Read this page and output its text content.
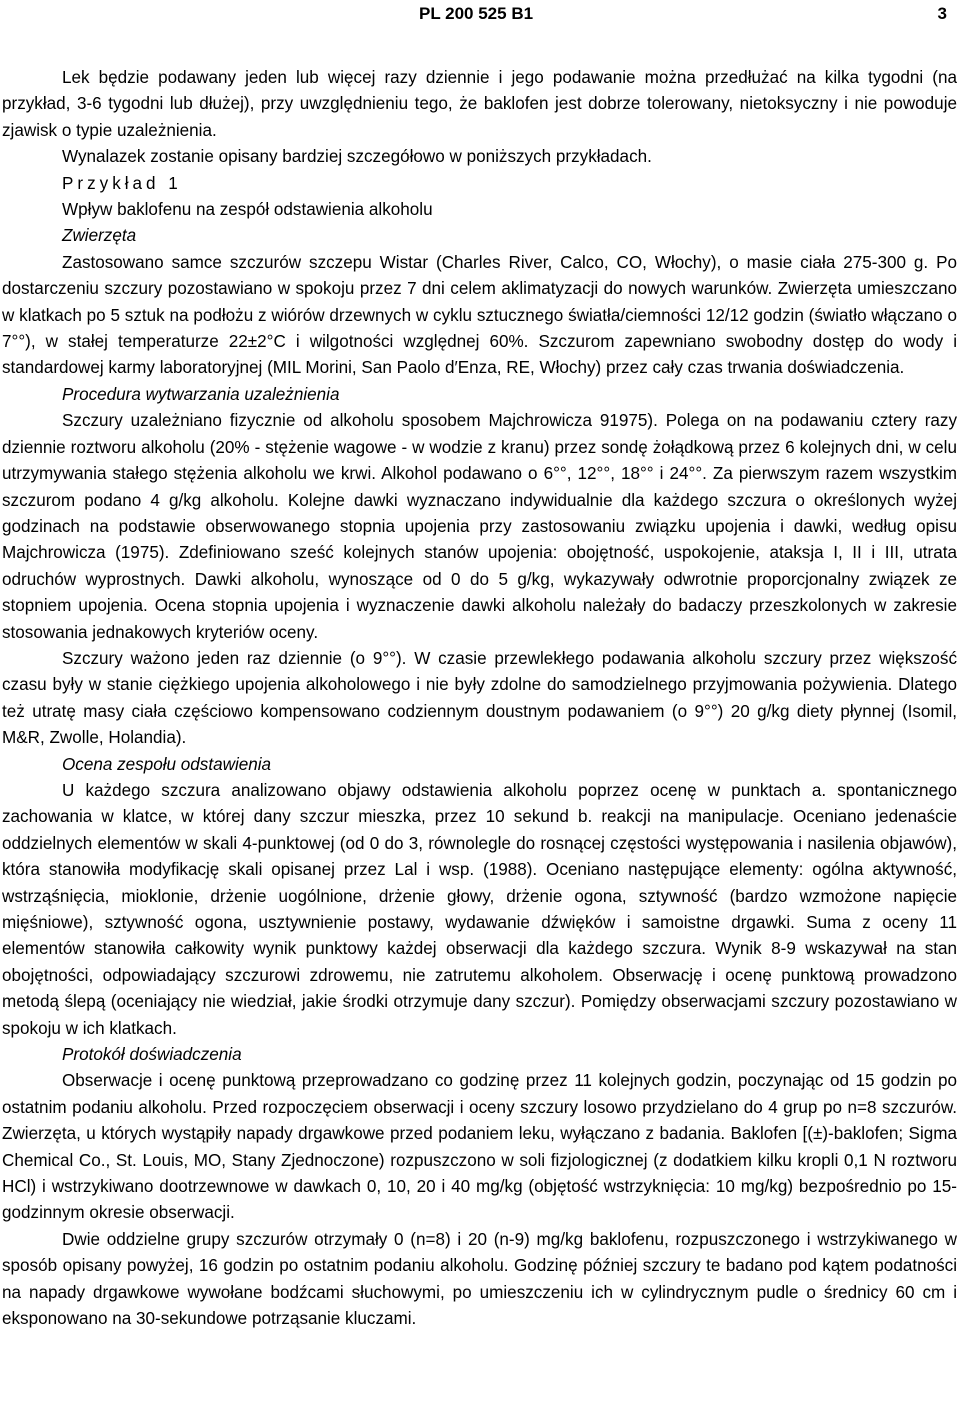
PL 200 525 B1	3

Lek będzie podawany jeden lub więcej razy dziennie i jego podawanie można przedłużać na kilka tygodni (na przykład, 3-6 tygodni lub dłużej), przy uwzględnieniu tego, że baklofen jest dobrze tolerowany, nietoksyczny i nie powoduje zjawisk o typie uzależnienia.

Wynalazek zostanie opisany bardziej szczegółowo w poniższych przykładach.

Przykład 1

Wpływ baklofenu na zespół odstawienia alkoholu

Zwierzęta

Zastosowano samce szczurów szczepu Wistar (Charles River, Calco, CO, Włochy), o masie ciała 275-300 g. Po dostarczeniu szczury pozostawiano w spokoju przez 7 dni celem aklimatyzacji do nowych warunków. Zwierzęta umieszczano w klatkach po 5 sztuk na podłożu z wiórów drzewnych w cyklu sztucznego światła/ciemności 12/12 godzin (światło włączano o 7°°), w stałej temperaturze 22±2°C i wilgotności względnej 60%. Szczurom zapewniano swobodny dostęp do wody i standardowej karmy laboratoryjnej (MIL Morini, San Paolo d′Enza, RE, Włochy) przez cały czas trwania doświadczenia.

Procedura wytwarzania uzależnienia

Szczury uzależniano fizycznie od alkoholu sposobem Majchrowicza 91975). Polega on na podawaniu cztery razy dziennie roztworu alkoholu (20% - stężenie wagowe - w wodzie z kranu) przez sondę żołądkową przez 6 kolejnych dni, w celu utrzymywania stałego stężenia alkoholu we krwi. Alkohol podawano o 6°°, 12°°, 18°° i 24°°. Za pierwszym razem wszystkim szczurom podano 4 g/kg alkoholu. Kolejne dawki wyznaczano indywidualnie dla każdego szczura o określonych wyżej godzinach na podstawie obserwowanego stopnia upojenia przy zastosowaniu związku upojenia i dawki, według opisu Majchrowicza (1975). Zdefiniowano sześć kolejnych stanów upojenia: obojętność, uspokojenie, ataksja I, II i III, utrata odruchów wyprostnych. Dawki alkoholu, wynoszące od 0 do 5 g/kg, wykazywały odwrotnie proporcjonalny związek ze stopniem upojenia. Ocena stopnia upojenia i wyznaczenie dawki alkoholu należały do badaczy przeszkolonych w zakresie stosowania jednakowych kryteriów oceny.

Szczury ważono jeden raz dziennie (o 9°°). W czasie przewlekłego podawania alkoholu szczury przez większość czasu były w stanie ciężkiego upojenia alkoholowego i nie były zdolne do samodzielnego przyjmowania pożywienia. Dlatego też utratę masy ciała częściowo kompensowano codziennym doustnym podawaniem (o 9°°) 20 g/kg diety płynnej (Isomil, M&R, Zwolle, Holandia).

Ocena zespołu odstawienia

U każdego szczura analizowano objawy odstawienia alkoholu poprzez ocenę w punktach a. spontanicznego zachowania w klatce, w której dany szczur mieszka, przez 10 sekund b. reakcji na manipulacje. Oceniano jedenaście oddzielnych elementów w skali 4-punktowej (od 0 do 3, równolegle do rosnącej częstości występowania i nasilenia objawów), która stanowiła modyfikację skali opisanej przez Lal i wsp. (1988). Oceniano następujące elementy: ogólna aktywność, wstrząśnięcia, mioklonie, drżenie uogólnione, drżenie głowy, drżenie ogona, sztywność (bardzo wzmożone napięcie mięśniowe), sztywność ogona, usztywnienie postawy, wydawanie dźwięków i samoistne drgawki. Suma z oceny 11 elementów stanowiła całkowity wynik punktowy każdej obserwacji dla każdego szczura. Wynik 8-9 wskazywał na stan obojętności, odpowiadający szczurowi zdrowemu, nie zatrutemu alkoholem. Obserwację i ocenę punktową prowadzono metodą ślepą (oceniający nie wiedział, jakie środki otrzymuje dany szczur). Pomiędzy obserwacjami szczury pozostawiano w spokoju w ich klatkach.

Protokół doświadczenia

Obserwacje i ocenę punktową przeprowadzano co godzinę przez 11 kolejnych godzin, poczynając od 15 godzin po ostatnim podaniu alkoholu. Przed rozpoczęciem obserwacji i oceny szczury losowo przydzielano do 4 grup po n=8 szczurów. Zwierzęta, u których wystąpiły napady drgawkowe przed podaniem leku, wyłączano z badania. Baklofen [(±)-baklofen; Sigma Chemical Co., St. Louis, MO, Stany Zjednoczone) rozpuszczono w soli fizjologicznej (z dodatkiem kilku kropli 0,1 N roztworu HCl) i wstrzykiwano dootrzewnowe w dawkach 0, 10, 20 i 40 mg/kg (objętość wstrzyknięcia: 10 mg/kg) bezpośrednio po 15-godzinnym okresie obserwacji.

Dwie oddzielne grupy szczurów otrzymały 0 (n=8) i 20 (n-9) mg/kg baklofenu, rozpuszczonego i wstrzykiwanego w sposób opisany powyżej, 16 godzin po ostatnim podaniu alkoholu. Godzinę później szczury te badano pod kątem podatności na napady drgawkowe wywołane bodźcami słuchowymi, po umieszczeniu ich w cylindrycznym pudle o średnicy 60 cm i eksponowano na 30-sekundowe potrząsanie kluczami.
